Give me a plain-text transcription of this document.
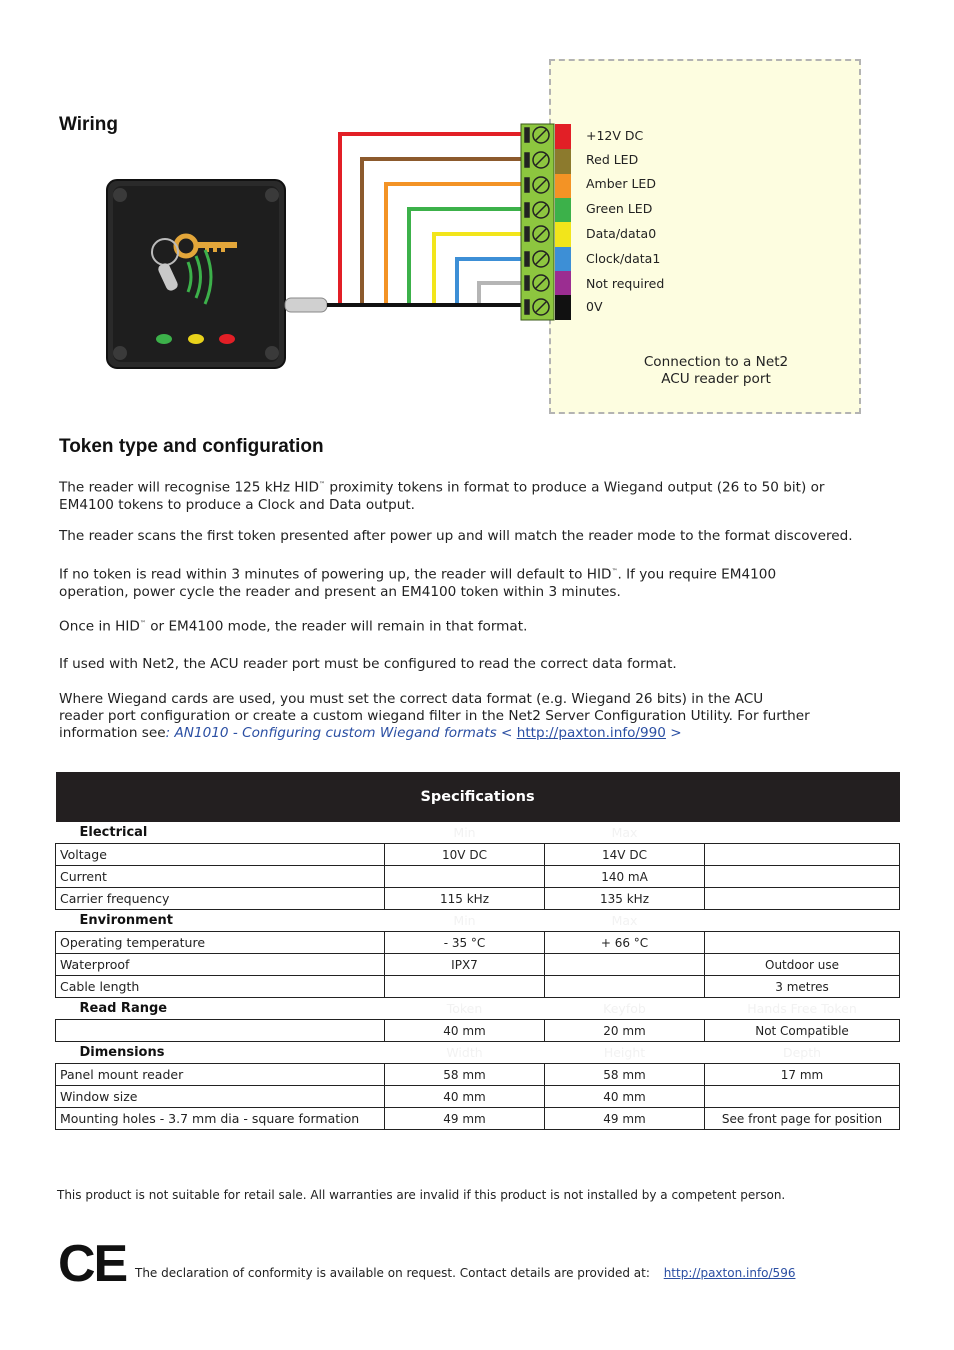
Wiring
+12V DC
Red LED
Amber LED
Green LED
Data/data0
Clock/data1
Not required
0V
Connection to a Net2
ACU reader port
Token type and configuration
The reader will recognise 125 kHz HID™ proximity tokens in format to produce a Wiegand output (26 to 50 bit) or
EM4100 tokens to produce a Clock and Data output.
The reader scans the first token presented after power up and will match the reader mode to the format discovered.
If no token is read within 3 minutes of powering up, the reader will default to HID™. If you require EM4100
operation, power cycle the reader and present an EM4100 token within 3 minutes.
Once in HID™ or EM4100 mode, the reader will remain in that format.
If used with Net2, the ACU reader port must be configured to read the correct data format.
Where Wiegand cards are used, you must set the correct data format (e.g. Wiegand 26 bits) in the ACU
reader port configuration or create a custom wiegand filter in the Net2 Server Configuration Utility. For further
information see: AN1010 - Configuring custom Wiegand formats < http://paxton.info/990 >
Specifications			
Electrical	Min	Max	
Voltage	10V DC	14V DC	
Current		140 mA	
Carrier frequency	115 kHz	135 kHz	
Environment	Min	Max	
Operating temperature	- 35 °C	+ 66 °C	
Waterproof	IPX7		Outdoor use
Cable length			3 metres
Read Range	Token	Keyfob	Hands Free Token
	40 mm	20 mm	Not Compatible
Dimensions	Width	Height	Depth
Panel mount reader	58 mm	58 mm	17 mm
Window size	40 mm	40 mm	
Mounting holes - 3.7 mm dia - square formation	49 mm	49 mm	See front page for position
This product is not suitable for retail sale. All warranties are invalid if this product is not installed by a competent person.
CE The declaration of conformity is available on request. Contact details are provided at: http://paxton.info/596
